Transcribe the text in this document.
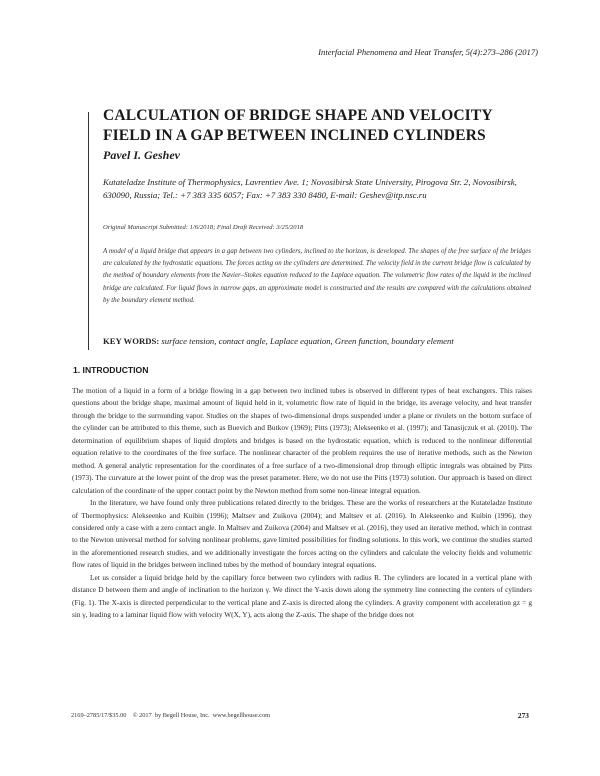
Interfacial Phenomena and Heat Transfer, 5(4):273–286 (2017)
CALCULATION OF BRIDGE SHAPE AND VELOCITY FIELD IN A GAP BETWEEN INCLINED CYLINDERS
Pavel I. Geshev
Kutateladze Institute of Thermophysics, Lavrentiev Ave. 1; Novosibirsk State University, Pirogova Str. 2, Novosibirsk, 630090, Russia; Tel.: +7 383 335 6057; Fax: +7 383 330 8480, E-mail: Geshev@itp.nsc.ru
Original Manuscript Submitted: 1/6/2018; Final Draft Received: 3/25/2018
A model of a liquid bridge that appears in a gap between two cylinders, inclined to the horizon, is developed. The shapes of the free surface of the bridges are calculated by the hydrostatic equations. The forces acting on the cylinders are determined. The velocity field in the current bridge flow is calculated by the method of boundary elements from the Navier–Stokes equation reduced to the Laplace equation. The volumetric flow rates of the liquid in the inclined bridge are calculated. For liquid flows in narrow gaps, an approximate model is constructed and the results are compared with the calculations obtained by the boundary element method.
KEY WORDS: surface tension, contact angle, Laplace equation, Green function, boundary element
1. INTRODUCTION

The motion of a liquid in a form of a bridge flowing in a gap between two inclined tubes is observed in different types of heat exchangers. This raises questions about the bridge shape, maximal amount of liquid held in it, volumetric flow rate of liquid in the bridge, its average velocity, and heat transfer through the bridge to the surrounding vapor. Studies on the shapes of two-dimensional drops suspended under a plane or rivulets on the bottom surface of the cylinder can be attributed to this theme, such as Buevich and Butkov (1969); Pitts (1973); Alekseenko et al. (1997); and Tanasijczuk et al. (2010). The determination of equilibrium shapes of liquid droplets and bridges is based on the hydrostatic equation, which is reduced to the nonlinear differential equation relative to the coordinates of the free surface. The nonlinear character of the problem requires the use of iterative methods, such as the Newton method. A general analytic representation for the coordinates of a free surface of a two-dimensional drop through elliptic integrals was obtained by Pitts (1973). The curvature at the lower point of the drop was the preset parameter. Here, we do not use the Pitts (1973) solution. Our approach is based on direct calculation of the coordinate of the upper contact point by the Newton method from some non-linear integral equation.

In the literature, we have found only three publications related directly to the bridges. These are the works of researchers at the Kutateladze Institute of Thermophysics: Alekseenko and Kuibin (1996); Maltsev and Zuikova (2004); and Maltsev et al. (2016). In Alekseenko and Kuibin (1996), they considered only a case with a zero contact angle. In Maltsev and Zuikova (2004) and Maltsev et al. (2016), they used an iterative method, which in contrast to the Newton universal method for solving nonlinear problems, gave limited possibilities for finding solutions. In this work, we continue the studies started in the aforementioned research studies, and we additionally investigate the forces acting on the cylinders and calculate the velocity fields and volumetric flow rates of liquid in the bridges between inclined tubes by the method of boundary integral equations.

Let us consider a liquid bridge held by the capillary force between two cylinders with radius R. The cylinders are located in a vertical plane with distance D between them and angle of inclination to the horizon γ. We direct the Y-axis down along the symmetry line connecting the centers of cylinders (Fig. 1). The X-axis is directed perpendicular to the vertical plane and Z-axis is directed along the cylinders. A gravity component with acceleration gz = g sin γ, leading to a laminar liquid flow with velocity W(X, Y), acts along the Z-axis. The shape of the bridge does not

2169–2785/17/$35.00    © 2017  by Begell House, Inc.  www.begellhouse.com	273
